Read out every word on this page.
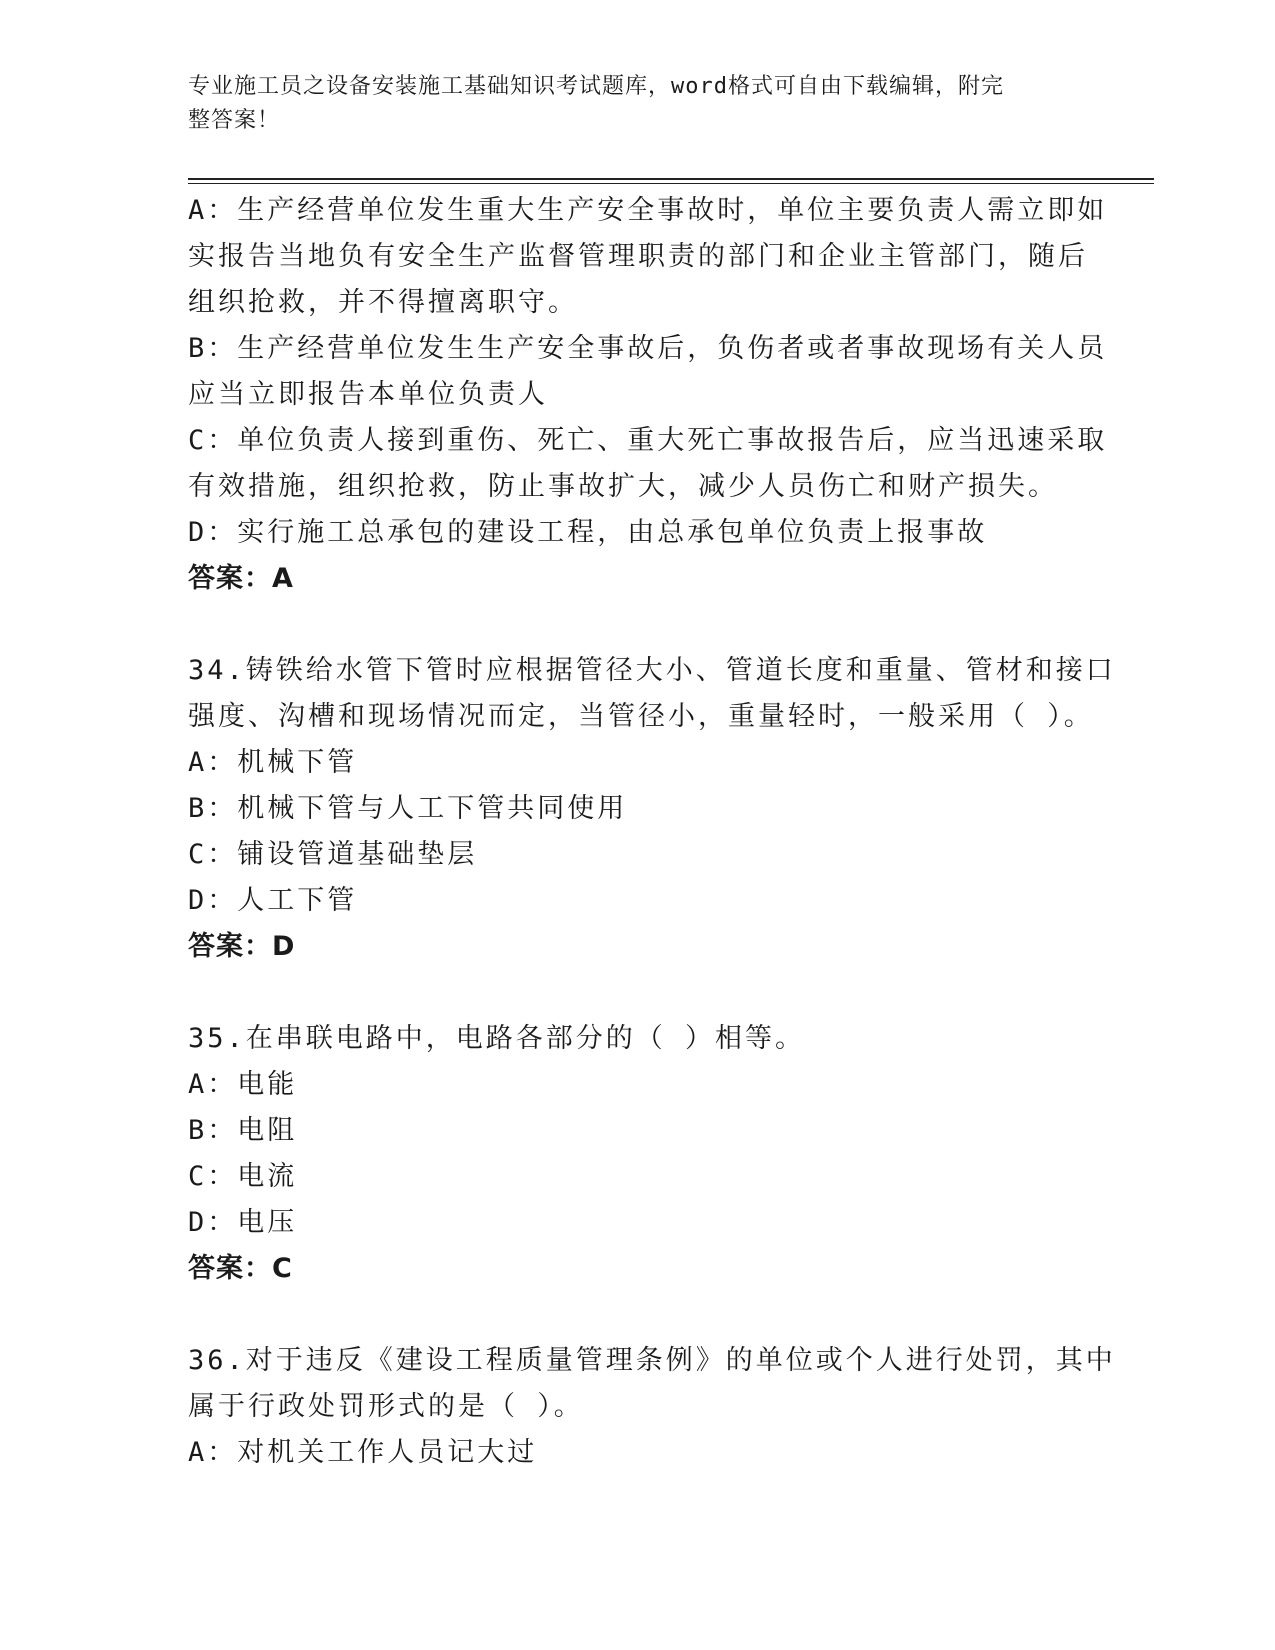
专业施工员之设备安装施工基础知识考试题库，word格式可自由下载编辑，附完
整答案！
A：生产经营单位发生重大生产安全事故时，单位主要负责人需立即如
实报告当地负有安全生产监督管理职责的部门和企业主管部门，随后
组织抢救，并不得擅离职守。
B：生产经营单位发生生产安全事故后，负伤者或者事故现场有关人员
应当立即报告本单位负责人
C：单位负责人接到重伤、死亡、重大死亡事故报告后，应当迅速采取
有效措施，组织抢救，防止事故扩大，减少人员伤亡和财产损失。
D：实行施工总承包的建设工程，由总承包单位负责上报事故
答案：A
34.铸铁给水管下管时应根据管径大小、管道长度和重量、管材和接口
强度、沟槽和现场情况而定，当管径小，重量轻时，一般采用（ ）。
A：机械下管
B：机械下管与人工下管共同使用
C：铺设管道基础垫层
D：人工下管
答案：D
35.在串联电路中，电路各部分的（ ）相等。
A：电能
B：电阻
C：电流
D：电压
答案：C
36.对于违反《建设工程质量管理条例》的单位或个人进行处罚，其中
属于行政处罚形式的是（ ）。
A：对机关工作人员记大过
